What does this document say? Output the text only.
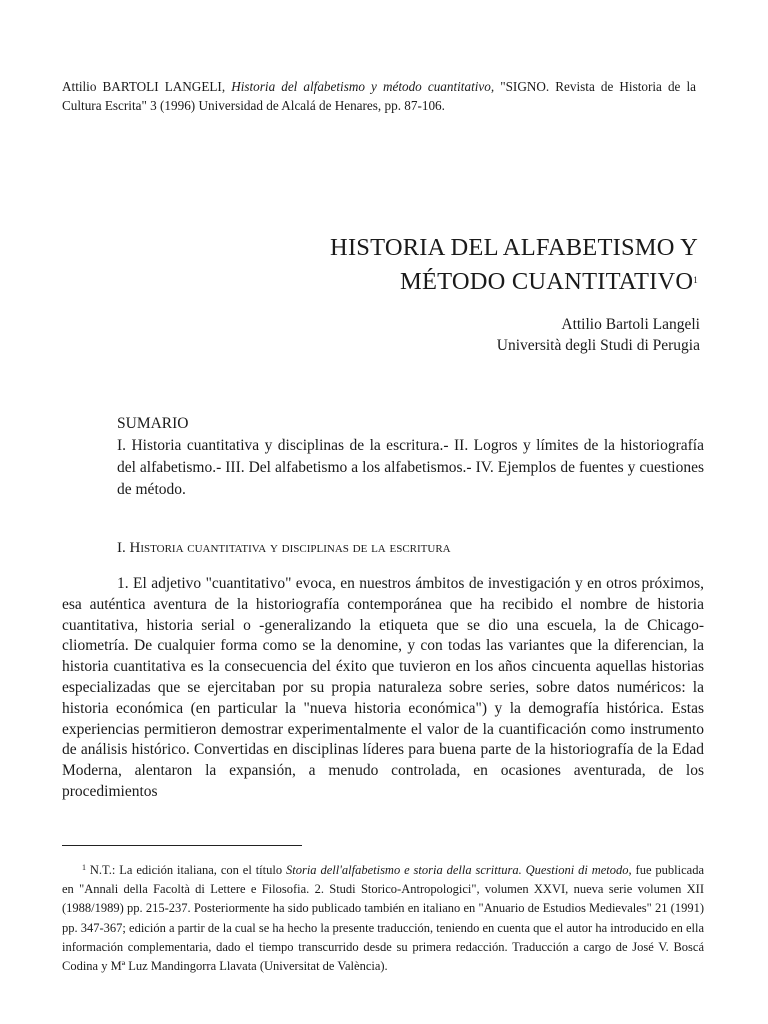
Attilio BARTOLI LANGELI, Historia del alfabetismo y método cuantitativo, "SIGNO. Revista de Historia de la Cultura Escrita" 3 (1996) Universidad de Alcalá de Henares, pp. 87-106.
HISTORIA DEL ALFABETISMO Y
MÉTODO CUANTITATIVO$^1$
Attilio Bartoli Langeli
Università degli Studi di Perugia
SUMARIO
I. Historia cuantitativa y disciplinas de la escritura.- II. Logros y límites de la historiografía del alfabetismo.- III. Del alfabetismo a los alfabetismos.- IV. Ejemplos de fuentes y cuestiones de método.
I. Historia cuantitativa y disciplinas de la escritura

1. El adjetivo "cuantitativo" evoca, en nuestros ámbitos de investigación y en otros próximos, esa auténtica aventura de la historiografía contemporánea que ha recibido el nombre de historia cuantitativa, historia serial o -generalizando la etiqueta que se dio una escuela, la de Chicago- cliometría. De cualquier forma como se la denomine, y con todas las variantes que la diferencian, la historia cuantitativa es la consecuencia del éxito que tuvieron en los años cincuenta aquellas historias especializadas que se ejercitaban por su propia naturaleza sobre series, sobre datos numéricos: la historia económica (en particular la "nueva historia económica") y la demografía histórica. Estas experiencias permitieron demostrar experimentalmente el valor de la cuantificación como instrumento de análisis histórico. Convertidas en disciplinas líderes para buena parte de la historiografía de la Edad Moderna, alentaron la expansión, a menudo controlada, en ocasiones aventurada, de los procedimientos

$^1$ N.T.: La edición italiana, con el título Storia dell'alfabetismo e storia della scrittura. Questioni di metodo, fue publicada en "Annali della Facoltà di Lettere e Filosofia. 2. Studi Storico-Antropologici", volumen XXVI, nueva serie volumen XII (1988/1989) pp. 215-237. Posteriormente ha sido publicado también en italiano en "Anuario de Estudios Medievales" 21 (1991) pp. 347-367; edición a partir de la cual se ha hecho la presente traducción, teniendo en cuenta que el autor ha introducido en ella información complementaria, dado el tiempo transcurrido desde su primera redacción. Traducción a cargo de José V. Boscá Codina y Mª Luz Mandingorra Llavata (Universitat de València).
